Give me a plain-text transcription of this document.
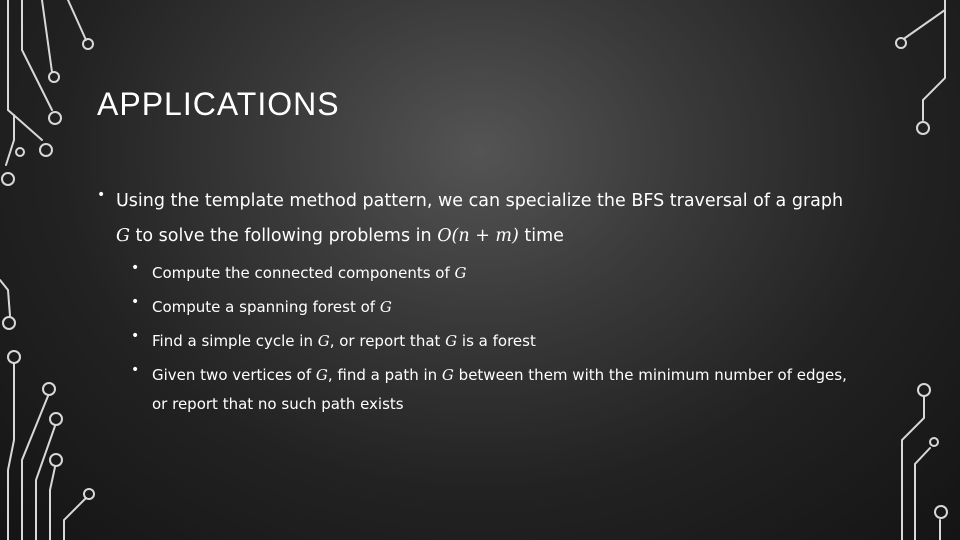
APPLICATIONS
• Using the template method pattern, we can specialize the BFS traversal of a graph G to solve the following problems in O(n + m) time
• Compute the connected components of G
• Compute a spanning forest of G
• Find a simple cycle in G, or report that G is a forest
• Given two vertices of G, find a path in G between them with the minimum number of edges, or report that no such path exists
